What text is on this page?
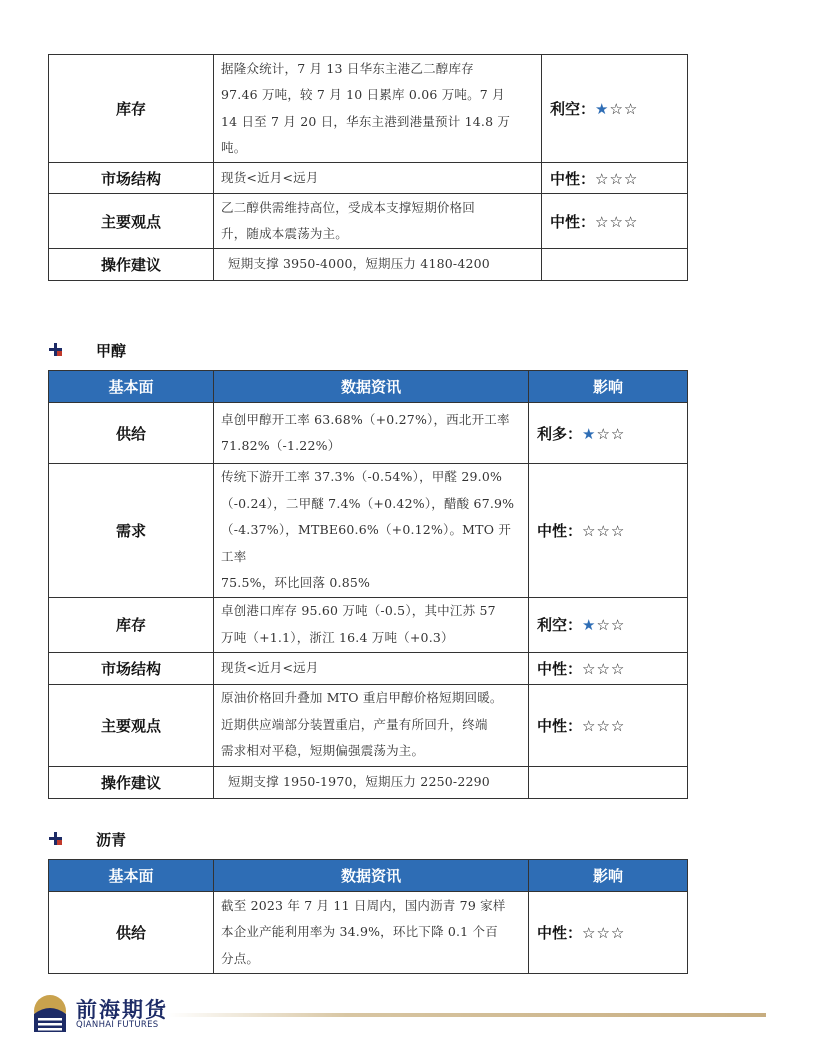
库存	据隆众统计，7 月 13 日华东主港乙二醇库存
97.46 万吨，较 7 月 10 日累库 0.06 万吨。7 月
14 日至 7 月 20 日，华东主港到港量预计 14.8 万
吨。	利空：★☆☆
市场结构	现货<近月<远月	中性：☆☆☆
主要观点	乙二醇供需维持高位，受成本支撑短期价格回
升，随成本震荡为主。	中性：☆☆☆
操作建议	短期支撑 3950-4000，短期压力 4180-4200	

甲醇
基本面	数据资讯	影响
供给	卓创甲醇开工率 63.68%（+0.27%），西北开工率
71.82%（-1.22%）	利多：★☆☆
需求	传统下游开工率 37.3%（-0.54%），甲醛 29.0%
（-0.24），二甲醚 7.4%（+0.42%），醋酸 67.9%
（-4.37%），MTBE60.6%（+0.12%）。MTO 开工率
75.5%，环比回落 0.85%	中性：☆☆☆
库存	卓创港口库存 95.60 万吨（-0.5），其中江苏 57
万吨（+1.1），浙江 16.4 万吨（+0.3）	利空：★☆☆
市场结构	现货<近月<远月	中性：☆☆☆
主要观点	原油价格回升叠加 MTO 重启甲醇价格短期回暖。
近期供应端部分装置重启，产量有所回升，终端
需求相对平稳，短期偏强震荡为主。	中性：☆☆☆
操作建议	短期支撑 1950-1970，短期压力 2250-2290	

沥青
基本面	数据资讯	影响
供给	截至 2023 年 7 月 11 日周内，国内沥青 79 家样
本企业产能利用率为 34.9%，环比下降 0.1 个百
分点。	中性：☆☆☆
前海期货
QIANHAI FUTURES
